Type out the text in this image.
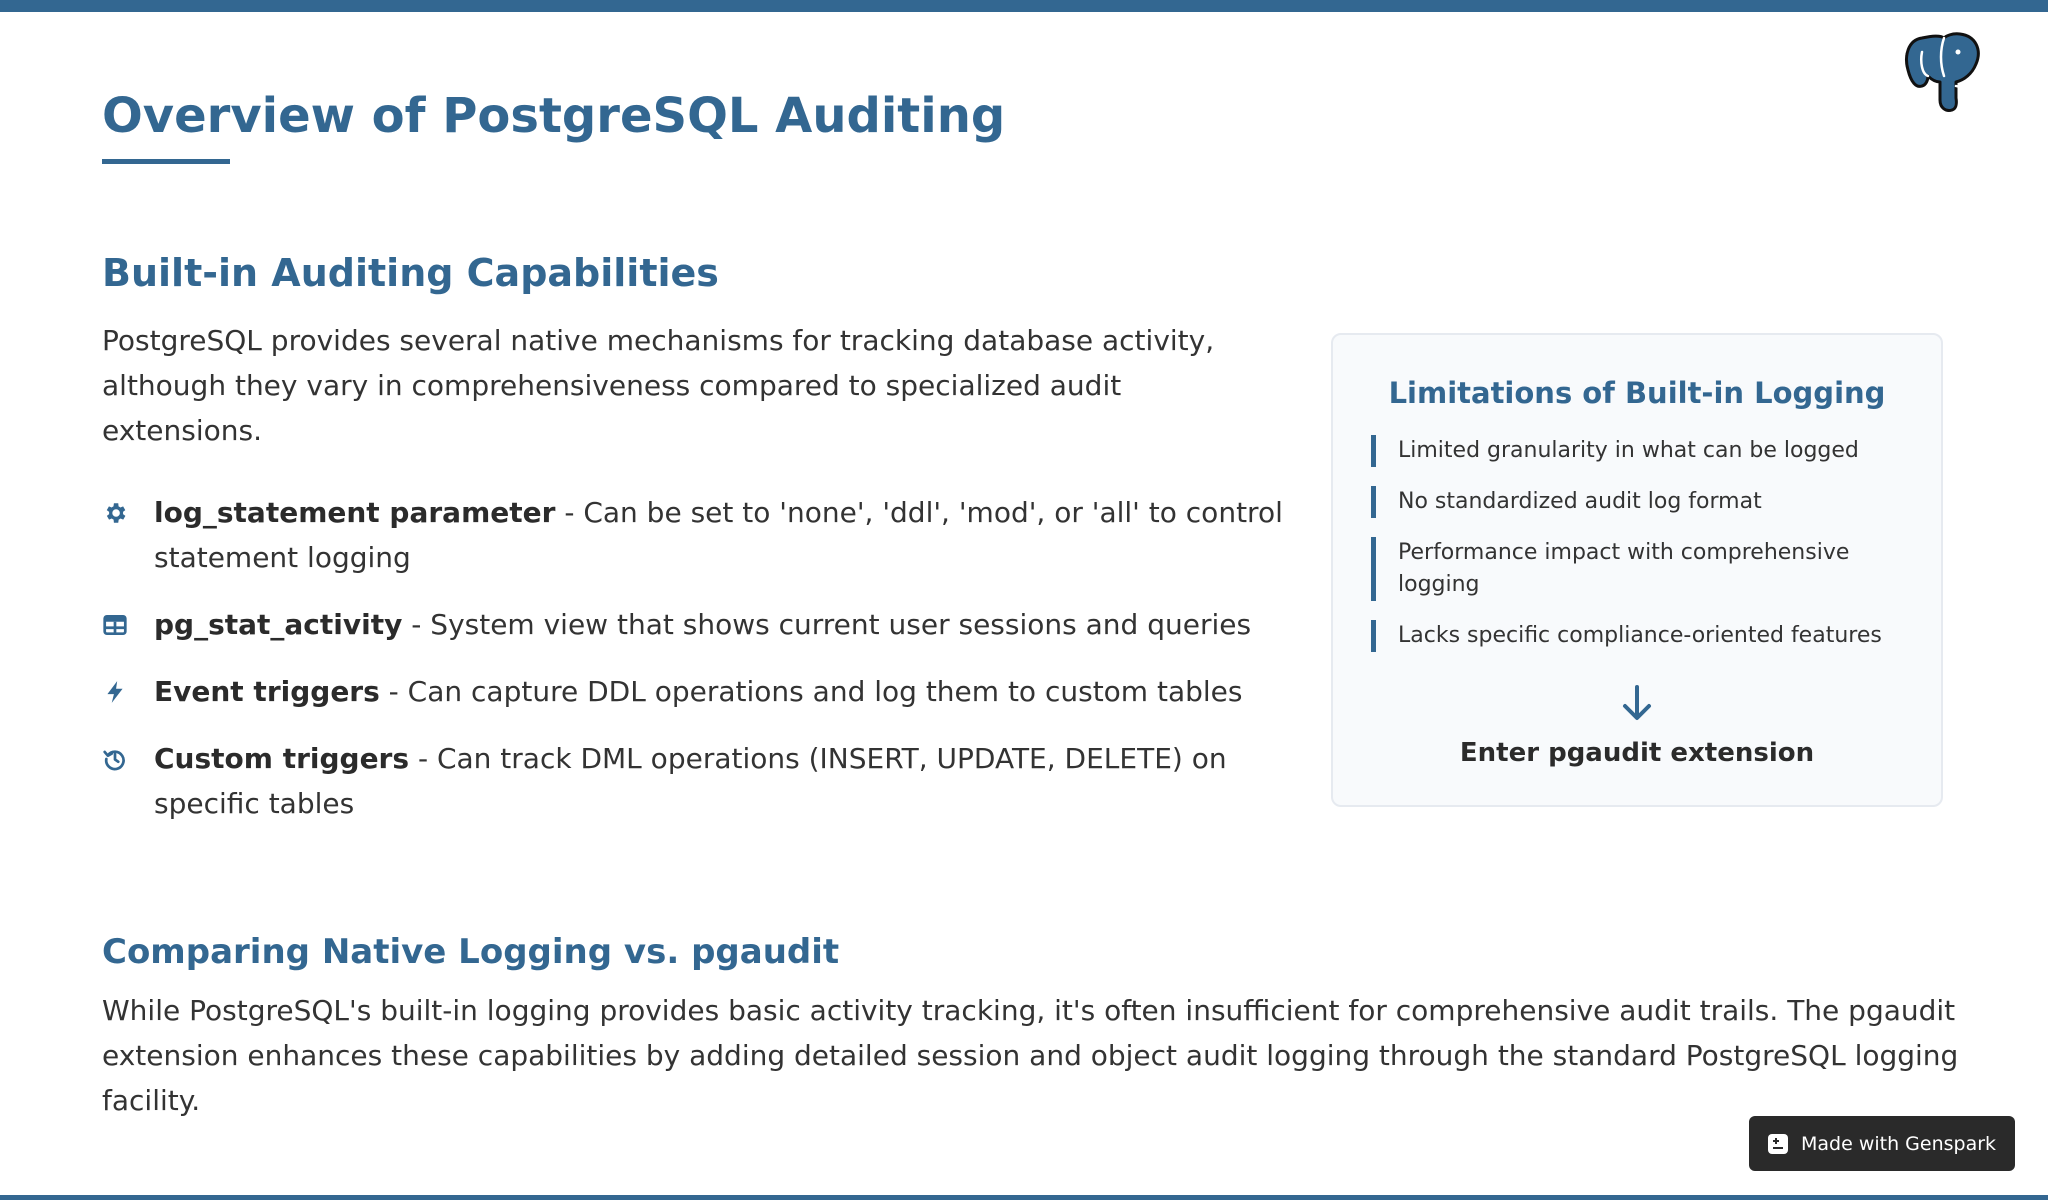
Overview of PostgreSQL Auditing
Built-in Auditing Capabilities

PostgreSQL provides several native mechanisms for tracking database activity, although they vary in comprehensiveness compared to specialized audit extensions.

log_statement parameter - Can be set to 'none', 'ddl', 'mod', or 'all' to control statement logging
pg_stat_activity - System view that shows current user sessions and queries
Event triggers - Can capture DDL operations and log them to custom tables
Custom triggers - Can track DML operations (INSERT, UPDATE, DELETE) on specific tables
Limitations of Built-in Logging
Limited granularity in what can be logged
No standardized audit log format
Performance impact with comprehensive logging
Lacks specific compliance-oriented features
Enter pgaudit extension
Comparing Native Logging vs. pgaudit

While PostgreSQL's built-in logging provides basic activity tracking, it's often insufficient for comprehensive audit trails. The pgaudit extension enhances these capabilities by adding detailed session and object audit logging through the standard PostgreSQL logging facility.

Made with Genspark
